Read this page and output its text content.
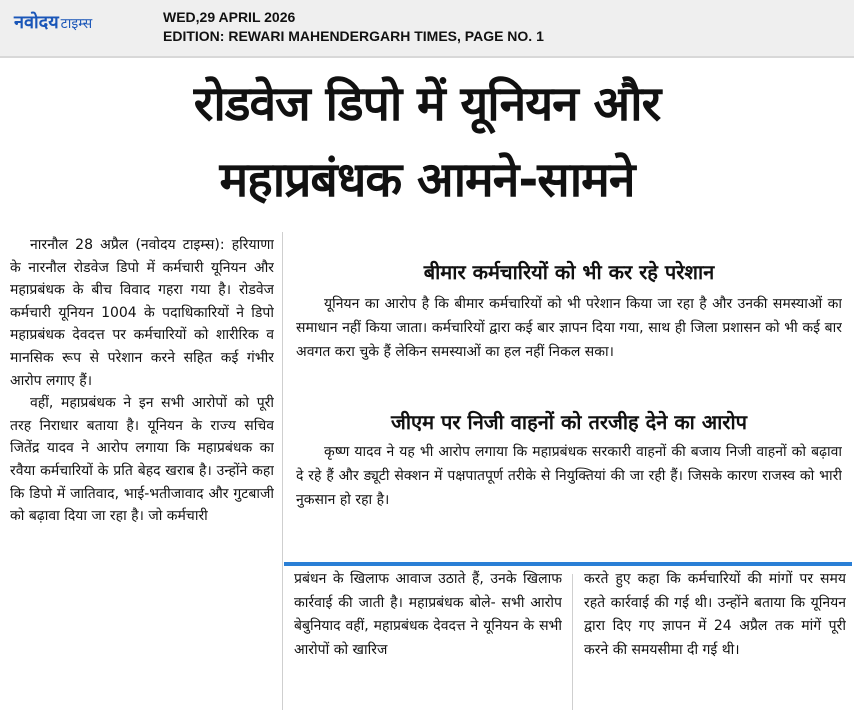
नवोदय टाइम्स	WED,29 APRIL 2026
EDITION: REWARI MAHENDERGARH TIMES, PAGE NO. 1
रोडवेज डिपो में यूनियन और
महाप्रबंधक आमने-सामने

नारनौल 28 अप्रैल (नवोदय टाइम्स): हरियाणा के नारनौल रोडवेज डिपो में कर्मचारी यूनियन और महाप्रबंधक के बीच विवाद गहरा गया है। रोडवेज कर्मचारी यूनियन 1004 के पदाधिकारियों ने डिपो महाप्रबंधक देवदत्त पर कर्मचारियों को शारीरिक व मानसिक रूप से परेशान करने सहित कई गंभीर आरोप लगाए हैं।

वहीं, महाप्रबंधक ने इन सभी आरोपों को पूरी तरह निराधार बताया है। यूनियन के राज्य सचिव जितेंद्र यादव ने आरोप लगाया कि महाप्रबंधक का रवैया कर्मचारियों के प्रति बेहद खराब है। उन्होंने कहा कि डिपो में जातिवाद, भाई-भतीजावाद और गुटबाजी को बढ़ावा दिया जा रहा है। जो कर्मचारी

बीमार कर्मचारियों को भी कर रहे परेशान
यूनियन का आरोप है कि बीमार कर्मचारियों को भी परेशान किया जा रहा है और उनकी समस्याओं का समाधान नहीं किया जाता। कर्मचारियों द्वारा कई बार ज्ञापन दिया गया, साथ ही जिला प्रशासन को भी कई बार अवगत करा चुके हैं लेकिन समस्याओं का हल नहीं निकल सका।
जीएम पर निजी वाहनों को तरजीह देने का आरोप
कृष्ण यादव ने यह भी आरोप लगाया कि महाप्रबंधक सरकारी वाहनों की बजाय निजी वाहनों को बढ़ावा दे रहे हैं और ड्यूटी सेक्शन में पक्षपातपूर्ण तरीके से नियुक्तियां की जा रही हैं। जिसके कारण राजस्व को भारी नुकसान हो रहा है।
प्रबंधन के खिलाफ आवाज उठाते हैं, उनके खिलाफ कार्रवाई की जाती है। महाप्रबंधक बोले- सभी आरोप बेबुनियाद वहीं, महाप्रबंधक देवदत्त ने यूनियन के सभी आरोपों को खारिज
करते हुए कहा कि कर्मचारियों की मांगों पर समय रहते कार्रवाई की गई थी। उन्होंने बताया कि यूनियन द्वारा दिए गए ज्ञापन में 24 अप्रैल तक मांगें पूरी करने की समयसीमा दी गई थी।
